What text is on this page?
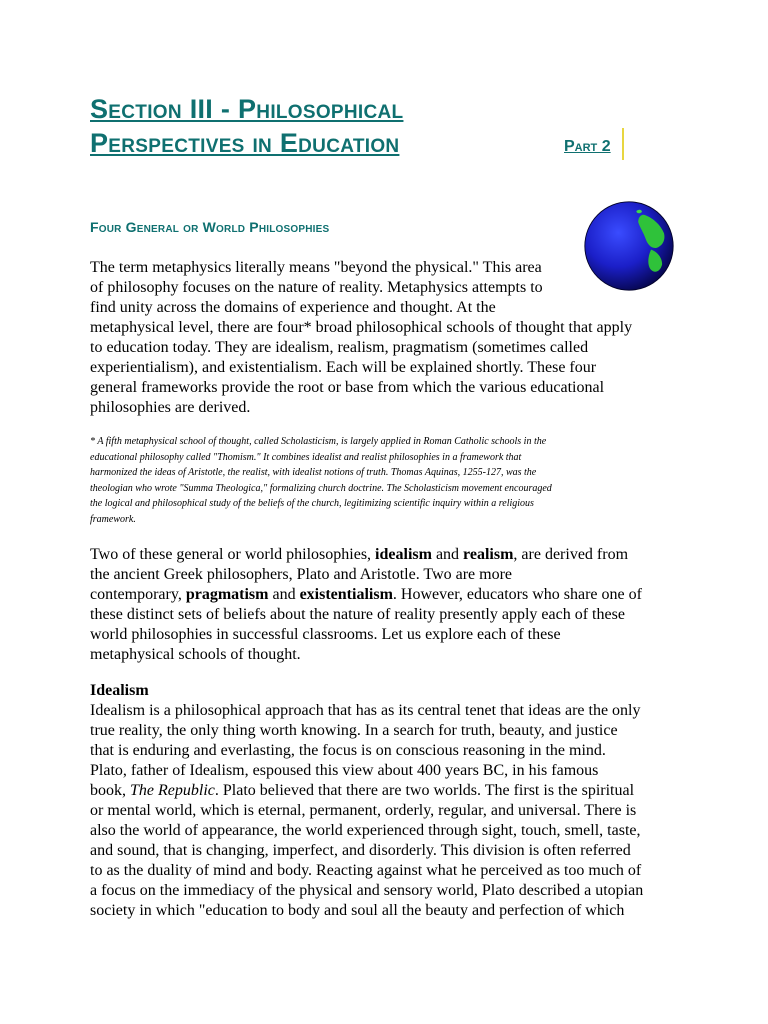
Section III - Philosophical
Perspectives in Education	Part 2
Four General or World Philosophies

The term metaphysics literally means "beyond the physical." This area
of philosophy focuses on the nature of reality. Metaphysics attempts to
find unity across the domains of experience and thought. At the
metaphysical level, there are four* broad philosophical schools of thought that apply
to education today. They are idealism, realism, pragmatism (sometimes called
experientialism), and existentialism. Each will be explained shortly. These four
general frameworks provide the root or base from which the various educational
philosophies are derived.

* A fifth metaphysical school of thought, called Scholasticism, is largely applied in Roman Catholic schools in the
educational philosophy called "Thomism." It combines idealist and realist philosophies in a framework that
harmonized the ideas of Aristotle, the realist, with idealist notions of truth. Thomas Aquinas, 1255-127, was the
theologian who wrote "Summa Theologica," formalizing church doctrine. The Scholasticism movement encouraged
the logical and philosophical study of the beliefs of the church, legitimizing scientific inquiry within a religious
framework.

Two of these general or world philosophies, idealism and realism, are derived from
the ancient Greek philosophers, Plato and Aristotle. Two are more
contemporary, pragmatism and existentialism. However, educators who share one of
these distinct sets of beliefs about the nature of reality presently apply each of these
world philosophies in successful classrooms. Let us explore each of these
metaphysical schools of thought.

Idealism

Idealism is a philosophical approach that has as its central tenet that ideas are the only
true reality, the only thing worth knowing. In a search for truth, beauty, and justice
that is enduring and everlasting, the focus is on conscious reasoning in the mind.
Plato, father of Idealism, espoused this view about 400 years BC, in his famous
book, The Republic. Plato believed that there are two worlds. The first is the spiritual
or mental world, which is eternal, permanent, orderly, regular, and universal. There is
also the world of appearance, the world experienced through sight, touch, smell, taste,
and sound, that is changing, imperfect, and disorderly. This division is often referred
to as the duality of mind and body. Reacting against what he perceived as too much of
a focus on the immediacy of the physical and sensory world, Plato described a utopian
society in which "education to body and soul all the beauty and perfection of which
